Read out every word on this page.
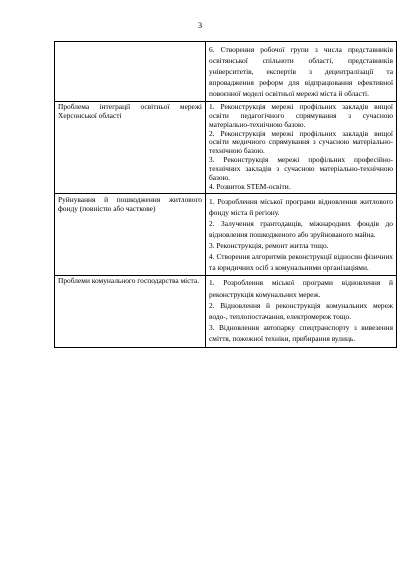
3

	6. Створення робочої групи з числа представників освітянської спільноти області, представників університетів, експертів з децентралізації та впровадження реформ для відпрацювання ефективної повоєнної моделі освітньої мережі міста й області.

Проблема інтеграції освітньої мережі Херсонської області	1. Реконструкція мережі профільних закладів вищої освіти педагогічного спрямування з сучасною матеріально-технічною базою.
2. Реконструкція мережі профільних закладів вищої освіти медичного спрямування з сучасною матеріально-технічною базою.
3. Реконструкція мережі профільних професійно-технічних закладів з сучасною матеріально-технічною базою.
4. Розвиток STEM-освіти.

Руйнування й пошкодження житлового фонду (повністю або часткове)	1. Розроблення міської програми відновлення житлового фонду міста й регіону.
2. Залучення грантодавців, міжнародних фондів до відновлення пошкодженого або зруйнованого майна.
3. Реконструкція, ремонт житла тощо.
4. Створення алгоритмів реконструкції відносин фізичних та юридичних осіб з комунальними організаціями.

Проблеми комунального господарства міста.	1. Розроблення міської програми відновлення й реконструкція комунальних мереж.
2. Відновлення й реконструкція комунальних мереж водо-, теплопостачання, електромереж тощо.
3. Відновлення автопарку спецтранспорту з вивезення сміття, пожежної техніки, прибирання вулиць.
